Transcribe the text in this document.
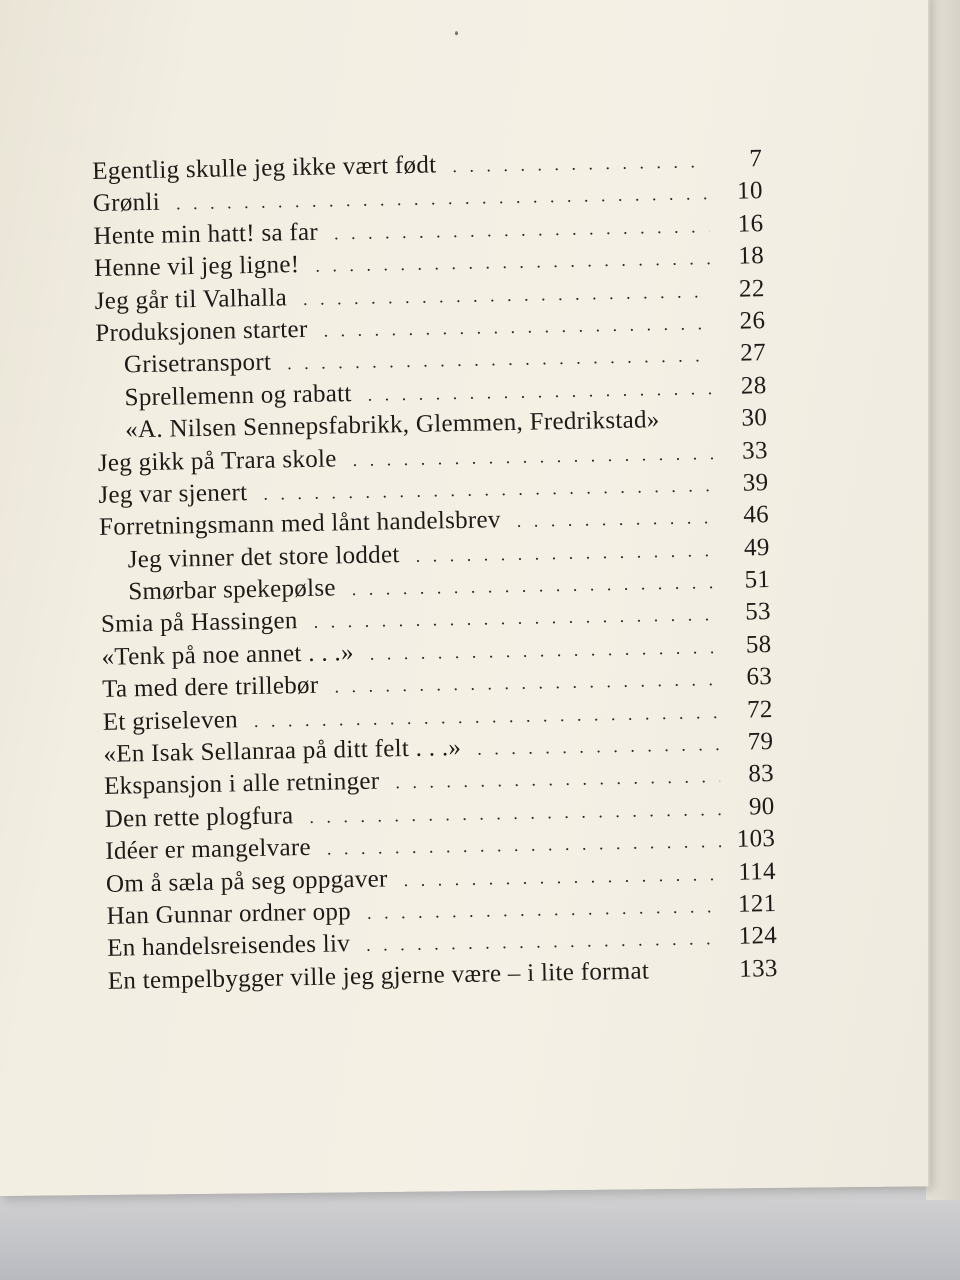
Egentlig skulle jeg ikke vært født . . .	7
Grønli . . .	10
Hente min hatt! sa far . . .	16
Henne vil jeg ligne! . . .	18
Jeg går til Valhalla . . .	22
Produksjonen starter . . .	26
Grisetransport . . .	27
Sprellemenn og rabatt . . .	28
«A. Nilsen Sennepsfabrikk, Glemmen, Fredrikstad»	30
Jeg gikk på Trara skole . . .	33
Jeg var sjenert . . .	39
Forretningsmann med lånt handelsbrev . . .	46
Jeg vinner det store loddet . . .	49
Smørbar spekepølse . . .	51
Smia på Hassingen . . .	53
«Tenk på noe annet . . .» . . .	58
Ta med dere trillebør . . .	63
Et griseleven . . .	72
«En Isak Sellanraa på ditt felt . . .» . . .	79
Ekspansjon i alle retninger . . .	83
Den rette plogfura . . .	90
Idéer er mangelvare . . .	103
Om å sæla på seg oppgaver . . .	114
Han Gunnar ordner opp . . .	121
En handelsreisendes liv . . .	124
En tempelbygger ville jeg gjerne være – i lite format	133
